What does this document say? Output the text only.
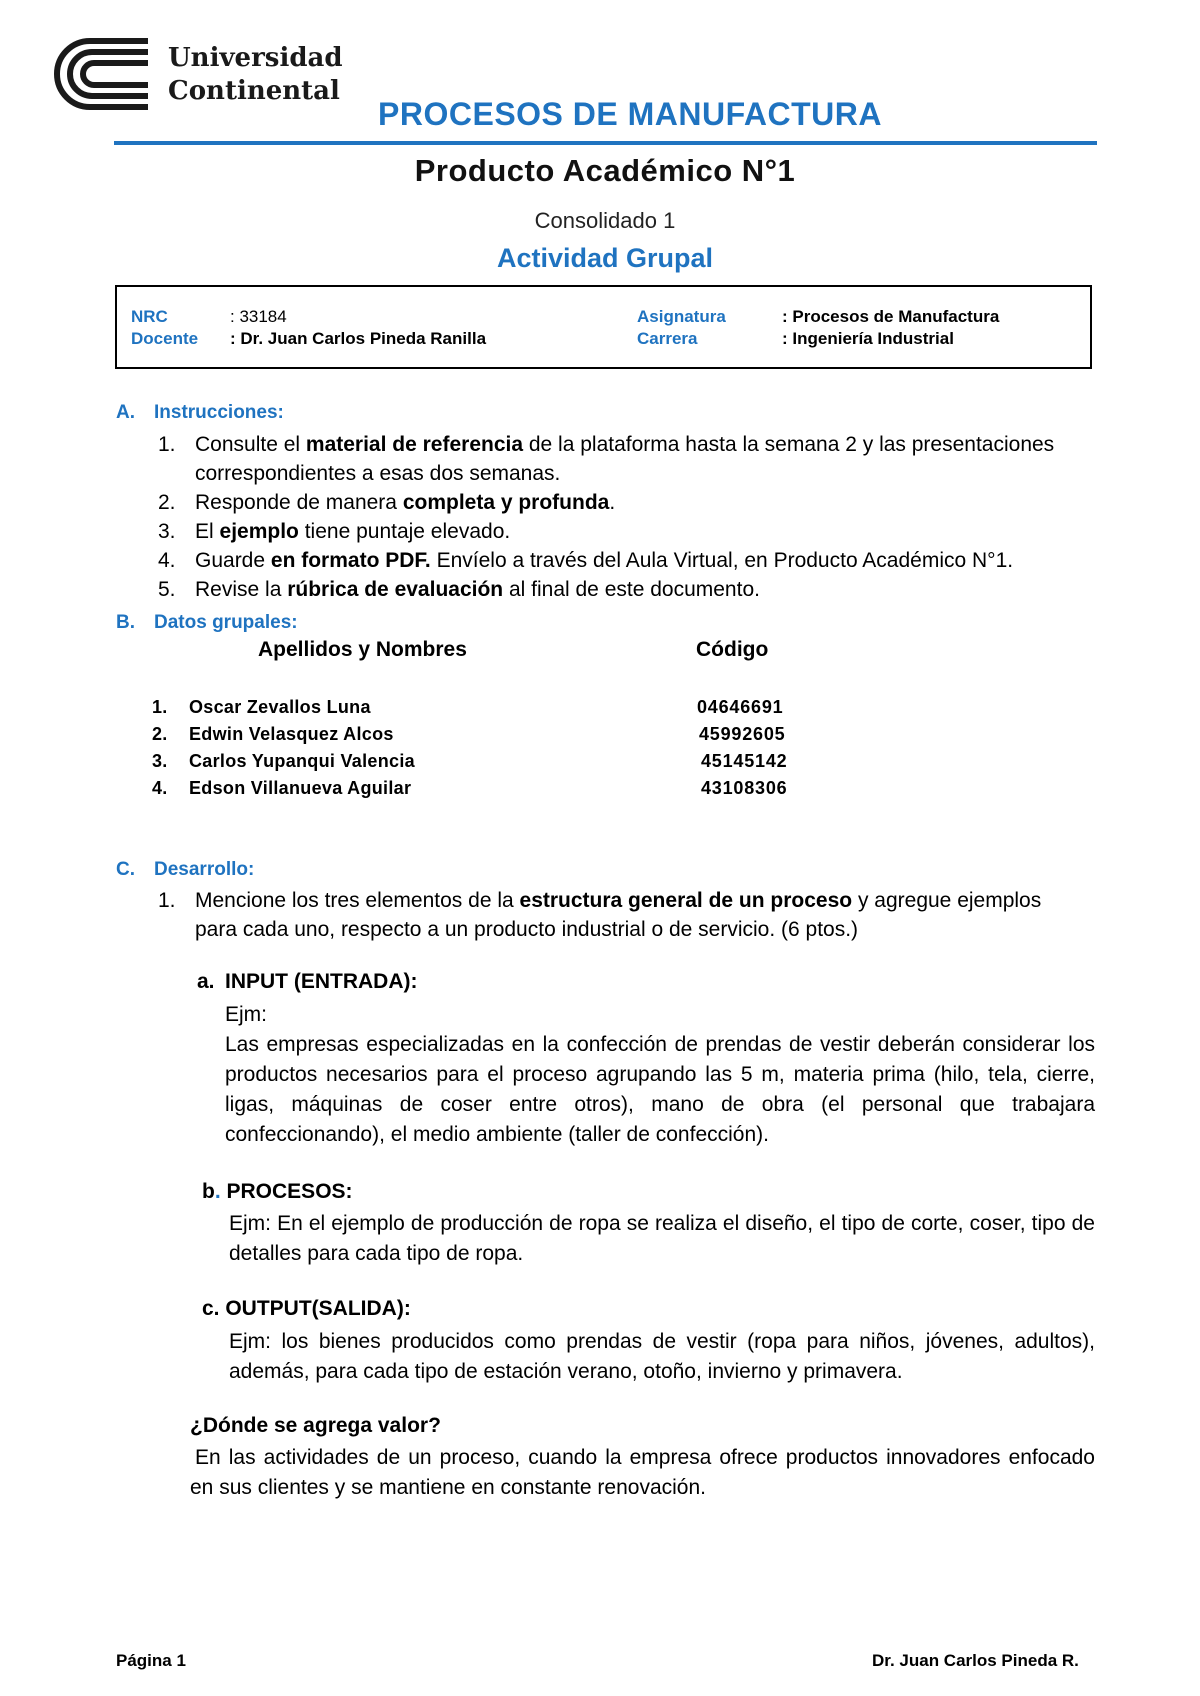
Universidad
Continental
PROCESOS DE MANUFACTURA
Producto Académico N°1
Consolidado 1
Actividad Grupal
NRC	: 33184
Docente : Dr. Juan Carlos Pineda Ranilla
Asignatura	: Procesos de Manufactura
Carrera	: Ingeniería Industrial
A. Instrucciones:
1. Consulte el material de referencia de la plataforma hasta la semana 2 y las presentaciones
correspondientes a esas dos semanas.
2. Responde de manera completa y profunda.
3. El ejemplo tiene puntaje elevado.
4. Guarde en formato PDF. Envíelo a través del Aula Virtual, en Producto Académico N°1.
5. Revise la rúbrica de evaluación al final de este documento.
B. Datos grupales:
Apellidos y Nombres	Código
1. Oscar Zevallos Luna	04646691
2. Edwin Velasquez Alcos	45992605
3. Carlos Yupanqui Valencia	45145142
4. Edson Villanueva Aguilar	43108306
C. Desarrollo:
1. Mencione los tres elementos de la estructura general de un proceso y agregue ejemplos
para cada uno, respecto a un producto industrial o de servicio. (6 ptos.)
a. INPUT (ENTRADA):
Ejm:
Las empresas especializadas en la confección de prendas de vestir deberán considerar los productos necesarios para el proceso agrupando las 5 m, materia prima (hilo, tela, cierre, ligas, máquinas de coser entre otros), mano de obra (el personal que trabajara confeccionando), el medio ambiente (taller de confección).
b. PROCESOS:
Ejm: En el ejemplo de producción de ropa se realiza el diseño, el tipo de corte, coser, tipo de detalles para cada tipo de ropa.
c. OUTPUT(SALIDA):
Ejm: los bienes producidos como prendas de vestir (ropa para niños, jóvenes, adultos), además, para cada tipo de estación verano, otoño, invierno y primavera.
¿Dónde se agrega valor?
En las actividades de un proceso, cuando la empresa ofrece productos innovadores enfocado en sus clientes y se mantiene en constante renovación.
Página 1	Dr. Juan Carlos Pineda R.
